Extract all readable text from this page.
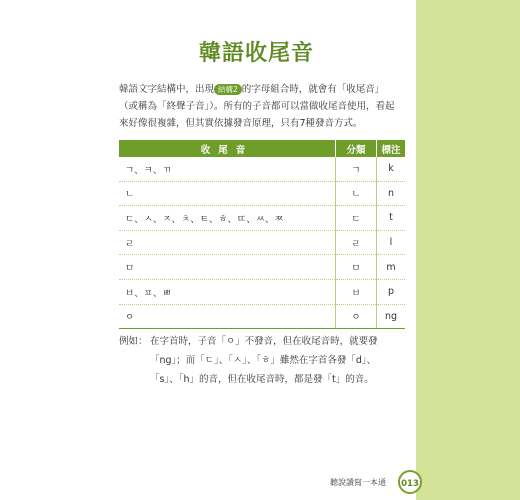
韓語收尾音

韓語文字結構中，出現 結構2 的字母組合時，就會有「收尾音」

（或稱為「終聲子音」）。所有的子音都可以當做收尾音使用，看起

來好像很複雜，但其實依據發音原理，只有7種發音方式。

收尾音	分類	標注
ㄱ、ㅋ、ㄲ	ㄱ	k
ㄴ	ㄴ	n
ㄷ、ㅅ、ㅈ、ㅊ、ㅌ、ㅎ、ㄸ、ㅆ、ㅉ	ㄷ	t
ㄹ	ㄹ	l
ㅁ	ㅁ	m
ㅂ、ㅍ、ㅃ	ㅂ	p
ㅇ	ㅇ	ng
例如： 在字首時，子音「ㅇ」不發音，但在收尾音時，就要發

「ng」；而「ㄷ」、「ㅅ」、「ㅎ」雖然在字首各發「d」、

「s」、「h」的音，但在收尾音時，都是發「t」的音。

聽說讀寫一本通	013
